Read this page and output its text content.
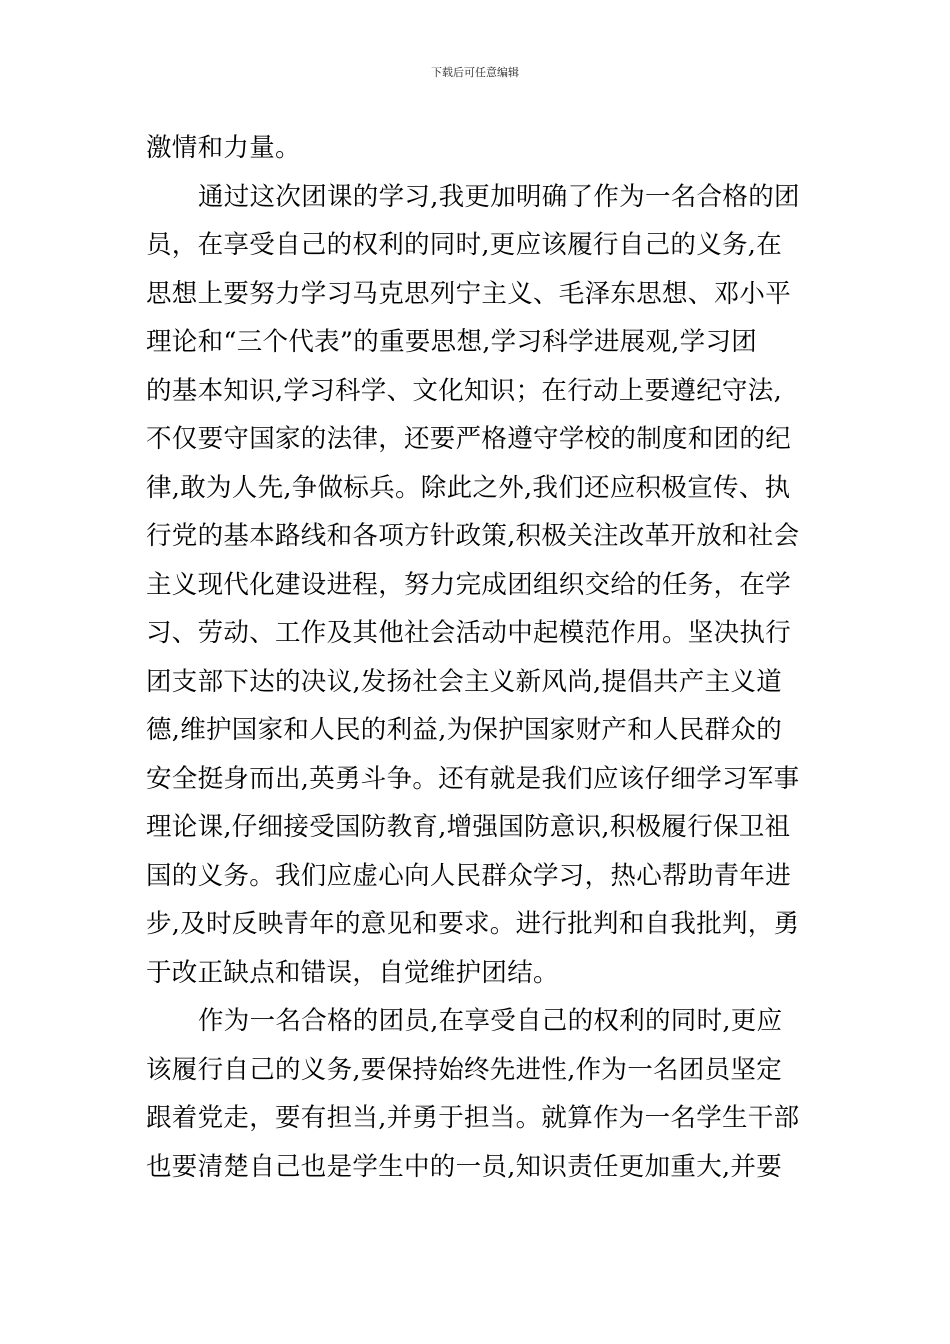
下载后可任意编辑
激情和力量。
通过这次团课的学习,我更加明确了作为一名合格的团
员，在享受自己的权利的同时,更应该履行自己的义务,在
思想上要努力学习马克思列宁主义、毛泽东思想、邓小平
理论和“三个代表”的重要思想,学习科学进展观,学习团
的基本知识,学习科学、文化知识；在行动上要遵纪守法,
不仅要守国家的法律，还要严格遵守学校的制度和团的纪
律,敢为人先,争做标兵。除此之外,我们还应积极宣传、执
行党的基本路线和各项方针政策,积极关注改革开放和社会
主义现代化建设进程，努力完成团组织交给的任务，在学
习、劳动、工作及其他社会活动中起模范作用。坚决执行
团支部下达的决议,发扬社会主义新风尚,提倡共产主义道
德,维护国家和人民的利益,为保护国家财产和人民群众的
安全挺身而出,英勇斗争。还有就是我们应该仔细学习军事
理论课,仔细接受国防教育,增强国防意识,积极履行保卫祖
国的义务。我们应虚心向人民群众学习，热心帮助青年进
步,及时反映青年的意见和要求。进行批判和自我批判，勇
于改正缺点和错误，自觉维护团结。
作为一名合格的团员,在享受自己的权利的同时,更应
该履行自己的义务,要保持始终先进性,作为一名团员坚定
跟着党走，要有担当,并勇于担当。就算作为一名学生干部
也要清楚自己也是学生中的一员,知识责任更加重大,并要
